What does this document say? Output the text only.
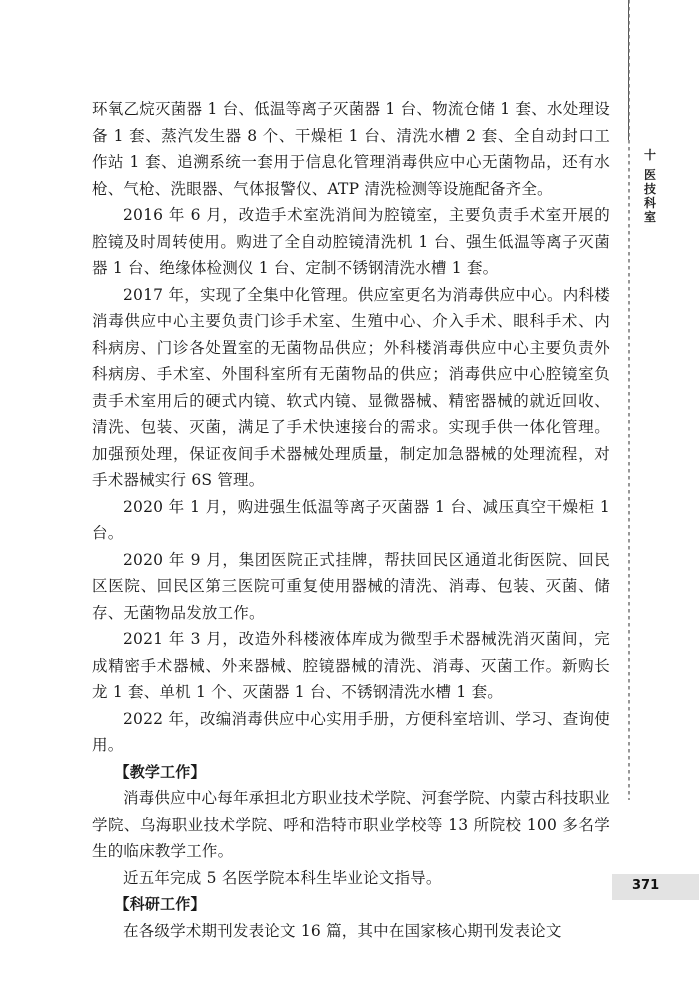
十
医技科室

环氧乙烷灭菌器 1 台、低温等离子灭菌器 1 台、物流仓储 1 套、水处理设备 1 套、蒸汽发生器 8 个、干燥柜 1 台、清洗水槽 2 套、全自动封口工作站 1 套、追溯系统一套用于信息化管理消毒供应中心无菌物品，还有水枪、气枪、洗眼器、气体报警仪、ATP 清洗检测等设施配备齐全。

2016 年 6 月，改造手术室洗消间为腔镜室，主要负责手术室开展的腔镜及时周转使用。购进了全自动腔镜清洗机 1 台、强生低温等离子灭菌器 1 台、绝缘体检测仪 1 台、定制不锈钢清洗水槽 1 套。

2017 年，实现了全集中化管理。供应室更名为消毒供应中心。内科楼消毒供应中心主要负责门诊手术室、生殖中心、介入手术、眼科手术、内科病房、门诊各处置室的无菌物品供应；外科楼消毒供应中心主要负责外科病房、手术室、外围科室所有无菌物品的供应；消毒供应中心腔镜室负责手术室用后的硬式内镜、软式内镜、显微器械、精密器械的就近回收、清洗、包装、灭菌，满足了手术快速接台的需求。实现手供一体化管理。加强预处理，保证夜间手术器械处理质量，制定加急器械的处理流程，对手术器械实行 6S 管理。

2020 年 1 月，购进强生低温等离子灭菌器 1 台、减压真空干燥柜 1 台。

2020 年 9 月，集团医院正式挂牌，帮扶回民区通道北街医院、回民区医院、回民区第三医院可重复使用器械的清洗、消毒、包装、灭菌、储存、无菌物品发放工作。

2021 年 3 月，改造外科楼液体库成为微型手术器械洗消灭菌间，完成精密手术器械、外来器械、腔镜器械的清洗、消毒、灭菌工作。新购长龙 1 套、单机 1 个、灭菌器 1 台、不锈钢清洗水槽 1 套。

2022 年，改编消毒供应中心实用手册，方便科室培训、学习、查询使用。

【教学工作】

消毒供应中心每年承担北方职业技术学院、河套学院、内蒙古科技职业学院、乌海职业技术学院、呼和浩特市职业学校等 13 所院校 100 多名学生的临床教学工作。

近五年完成 5 名医学院本科生毕业论文指导。

【科研工作】

在各级学术期刊发表论文 16 篇，其中在国家核心期刊发表论文

371
